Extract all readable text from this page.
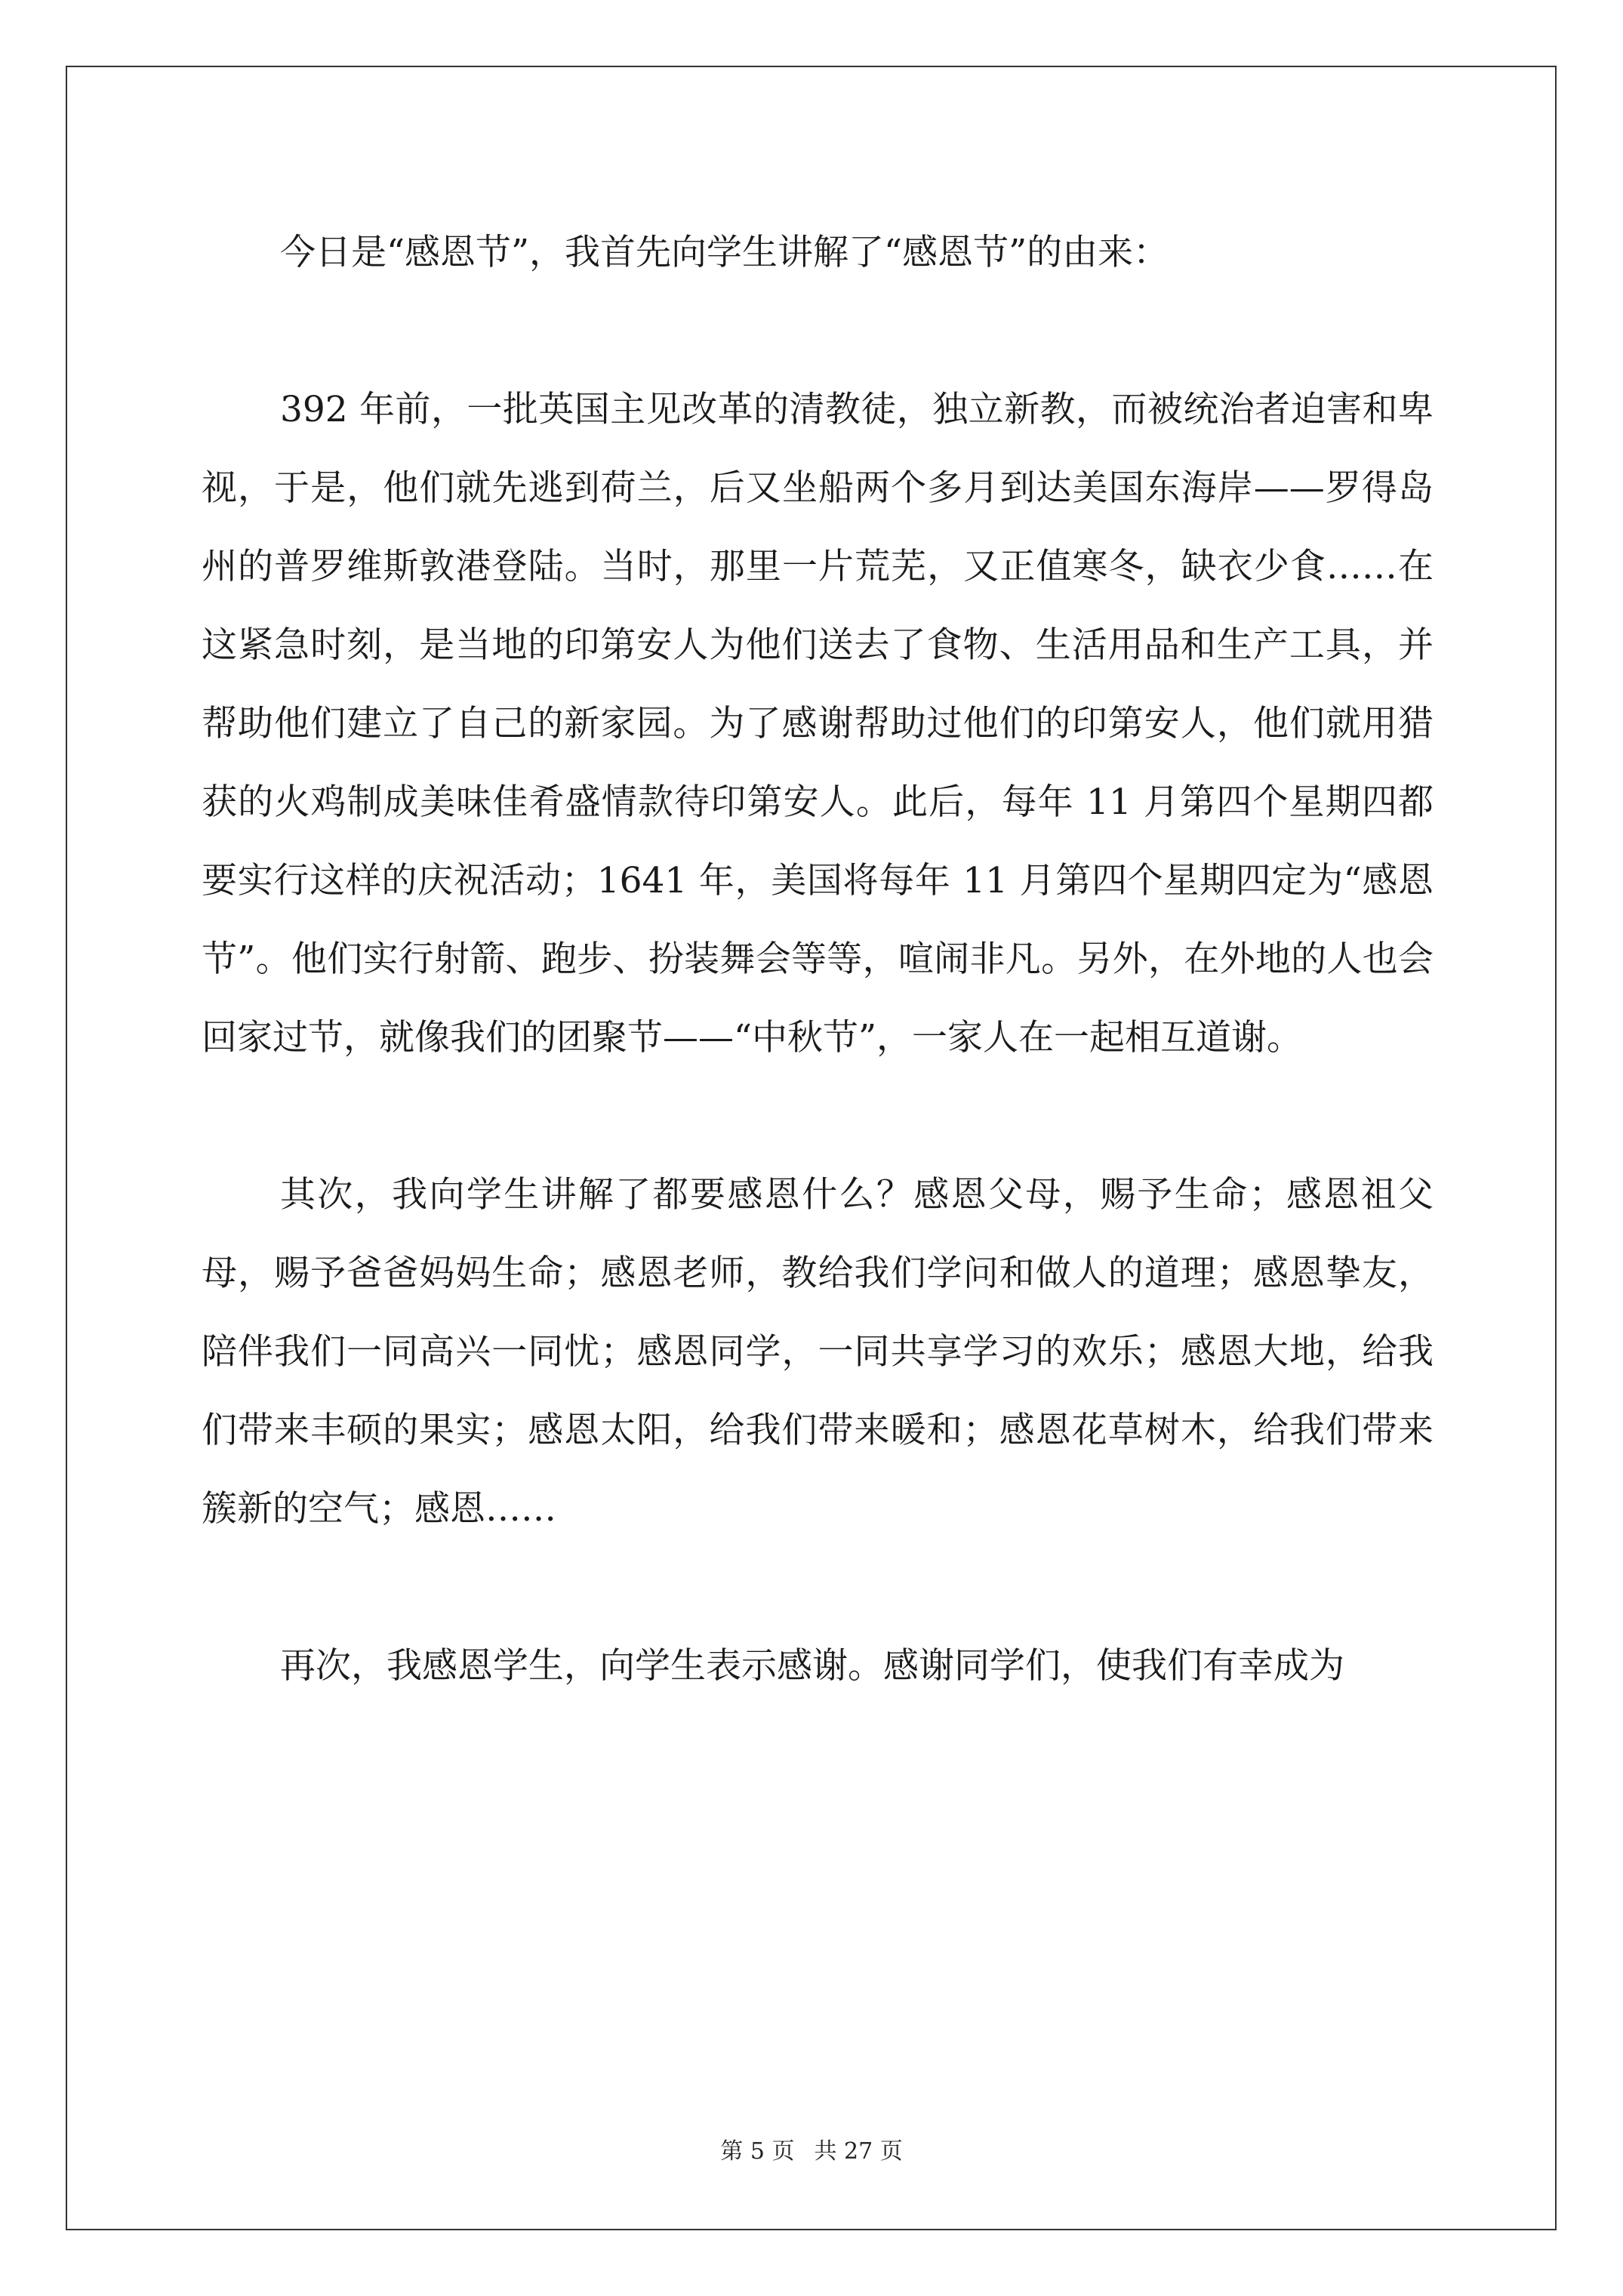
今日是“感恩节”，我首先向学生讲解了“感恩节”的由来：

392 年前，一批英国主见改革的清教徒，独立新教，而被统治者迫害和卑视，于是，他们就先逃到荷兰，后又坐船两个多月到达美国东海岸——罗得岛州的普罗维斯敦港登陆。当时，那里一片荒芜，又正值寒冬，缺衣少食……在这紧急时刻，是当地的印第安人为他们送去了食物、生活用品和生产工具，并帮助他们建立了自己的新家园。为了感谢帮助过他们的印第安人，他们就用猎获的火鸡制成美味佳肴盛情款待印第安人。此后，每年 11 月第四个星期四都要实行这样的庆祝活动；1641 年，美国将每年 11 月第四个星期四定为“感恩节”。他们实行射箭、跑步、扮装舞会等等，喧闹非凡。另外，在外地的人也会回家过节，就像我们的团聚节——“中秋节”，一家人在一起相互道谢。

其次，我向学生讲解了都要感恩什么？感恩父母，赐予生命；感恩祖父母，赐予爸爸妈妈生命；感恩老师，教给我们学问和做人的道理；感恩挚友，陪伴我们一同高兴一同忧；感恩同学，一同共享学习的欢乐；感恩大地，给我们带来丰硕的果实；感恩太阳，给我们带来暖和；感恩花草树木，给我们带来簇新的空气；感恩……

再次，我感恩学生，向学生表示感谢。感谢同学们，使我们有幸成为

第 5 页 共 27 页
